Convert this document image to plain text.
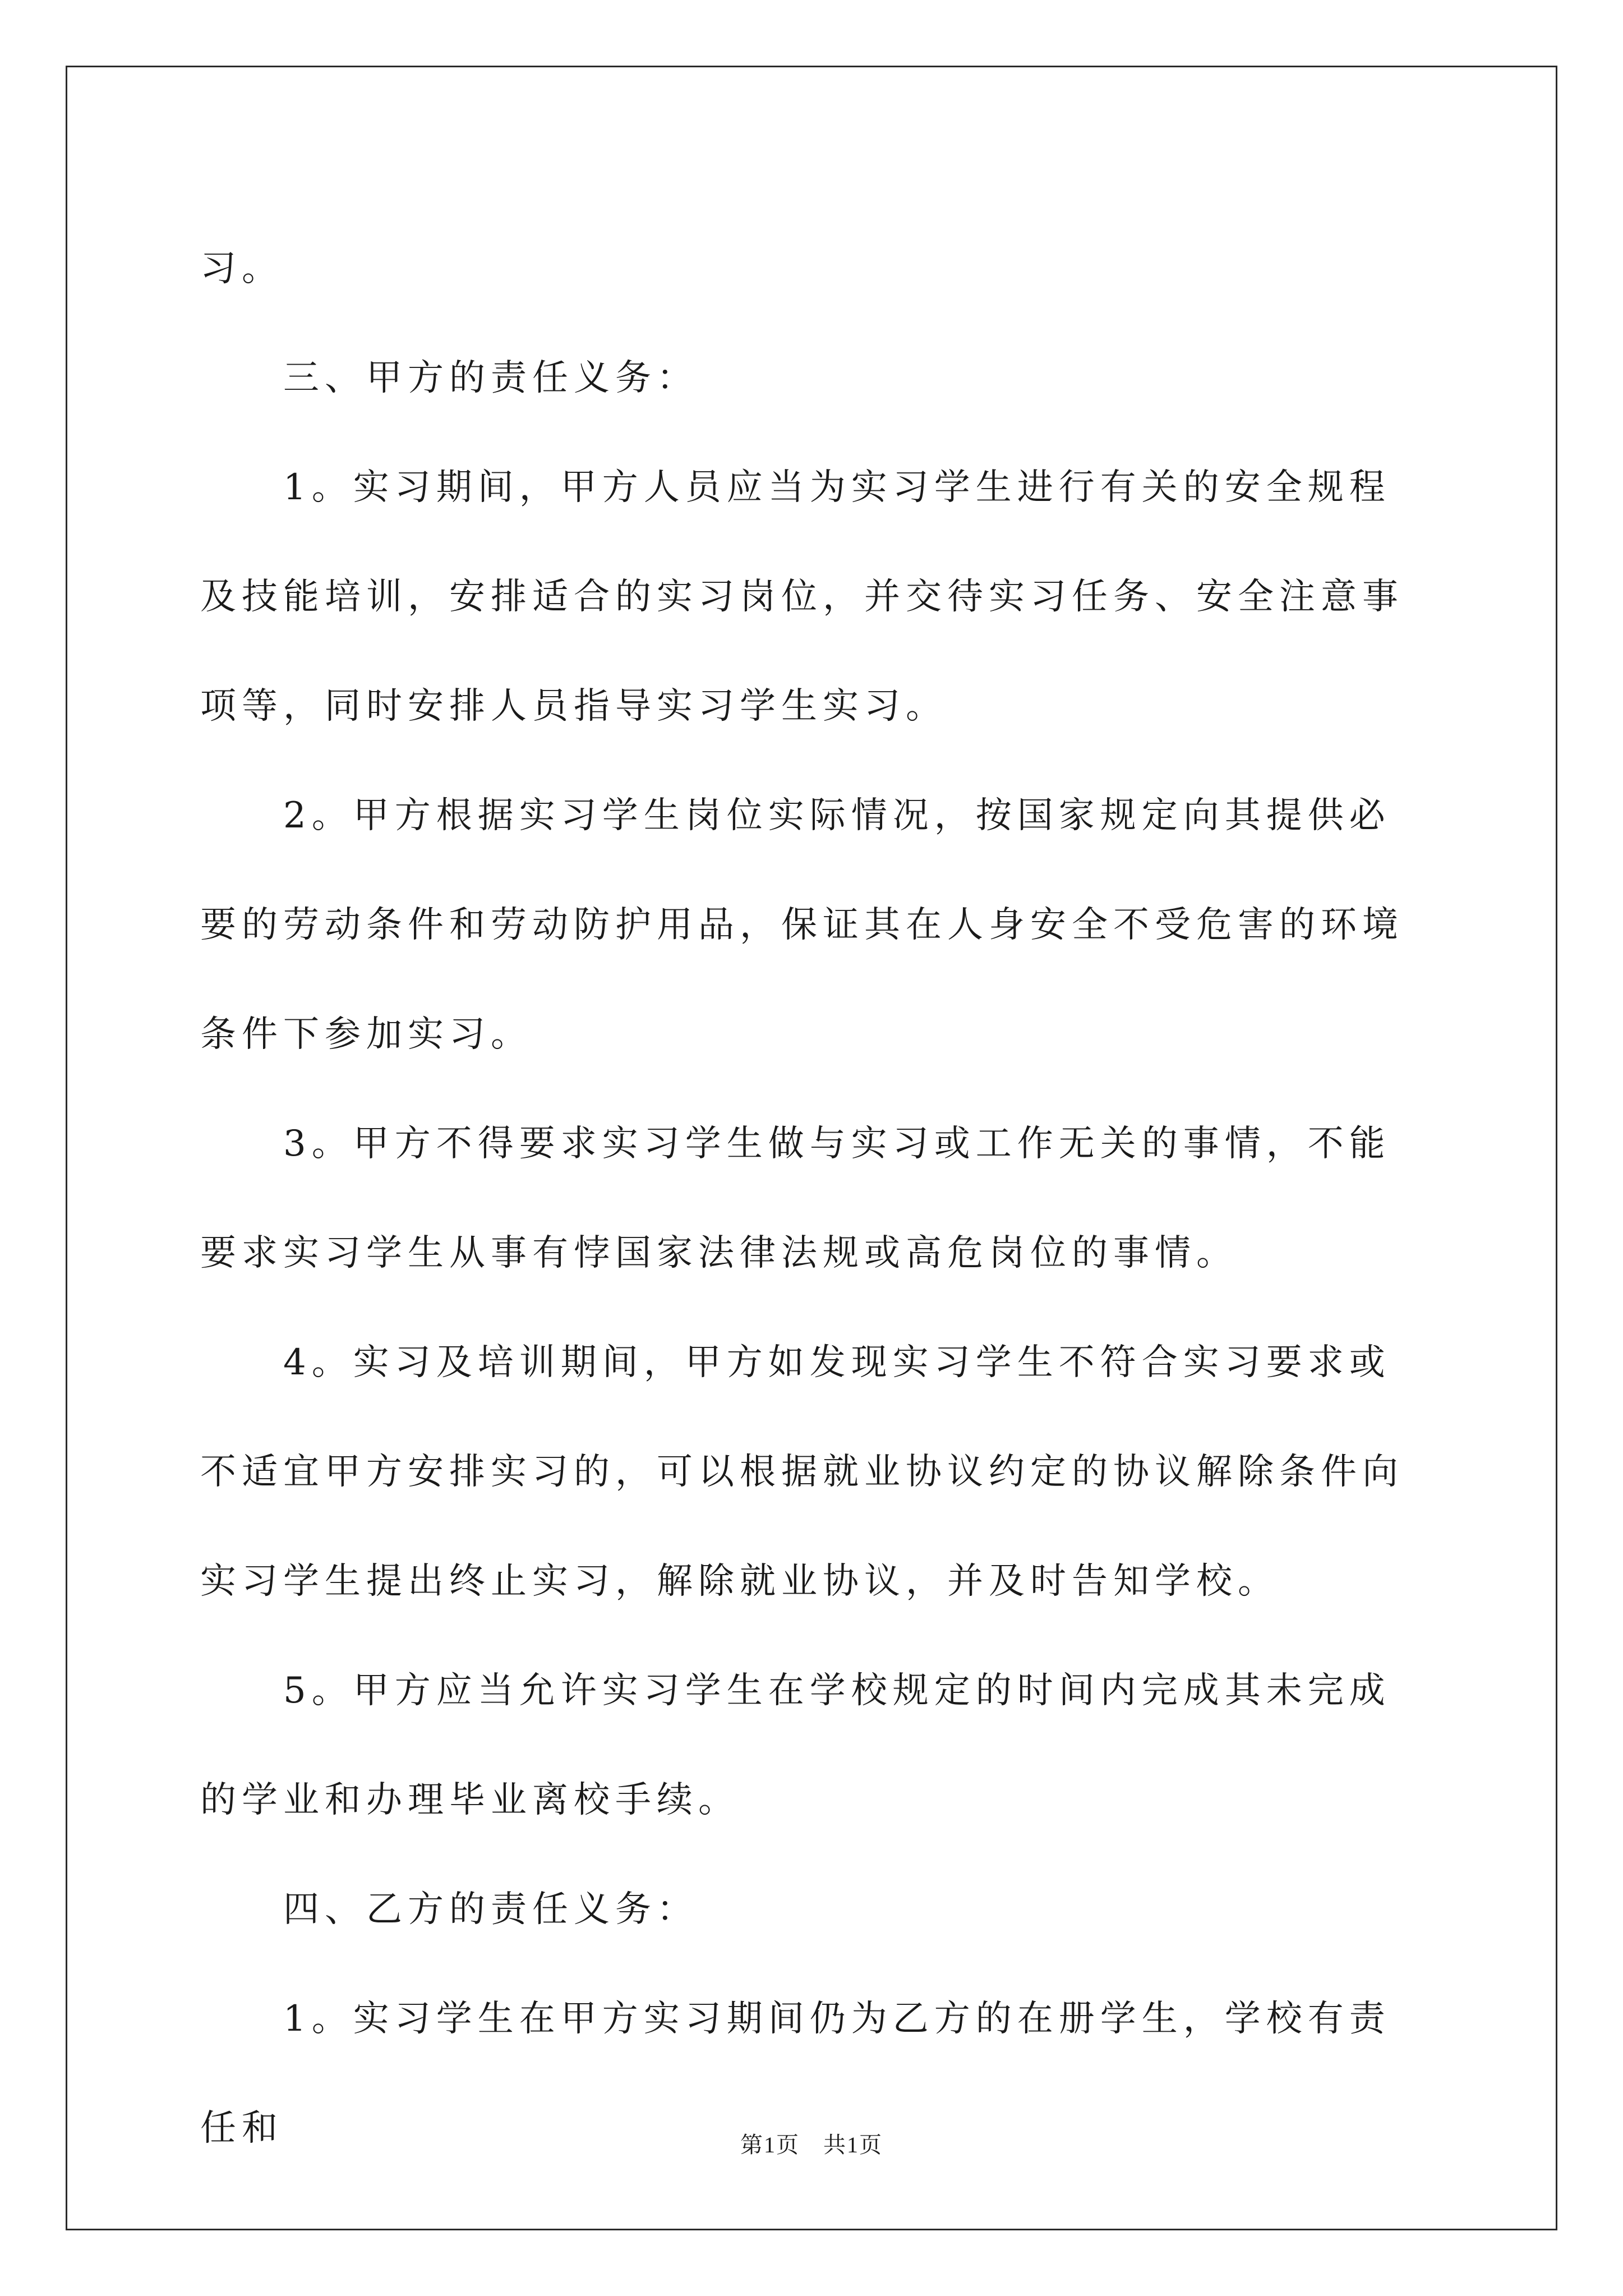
习。

三、甲方的责任义务：

1。实习期间，甲方人员应当为实习学生进行有关的安全规程及技能培训，安排适合的实习岗位，并交待实习任务、安全注意事项等，同时安排人员指导实习学生实习。

2。甲方根据实习学生岗位实际情况，按国家规定向其提供必要的劳动条件和劳动防护用品，保证其在人身安全不受危害的环境条件下参加实习。

3。甲方不得要求实习学生做与实习或工作无关的事情，不能要求实习学生从事有悖国家法律法规或高危岗位的事情。

4。实习及培训期间，甲方如发现实习学生不符合实习要求或不适宜甲方安排实习的，可以根据就业协议约定的协议解除条件向实习学生提出终止实习，解除就业协议，并及时告知学校。

5。甲方应当允许实习学生在学校规定的时间内完成其未完成的学业和办理毕业离校手续。

四、乙方的责任义务：

1。实习学生在甲方实习期间仍为乙方的在册学生，学校有责任和	第1页　共1页
